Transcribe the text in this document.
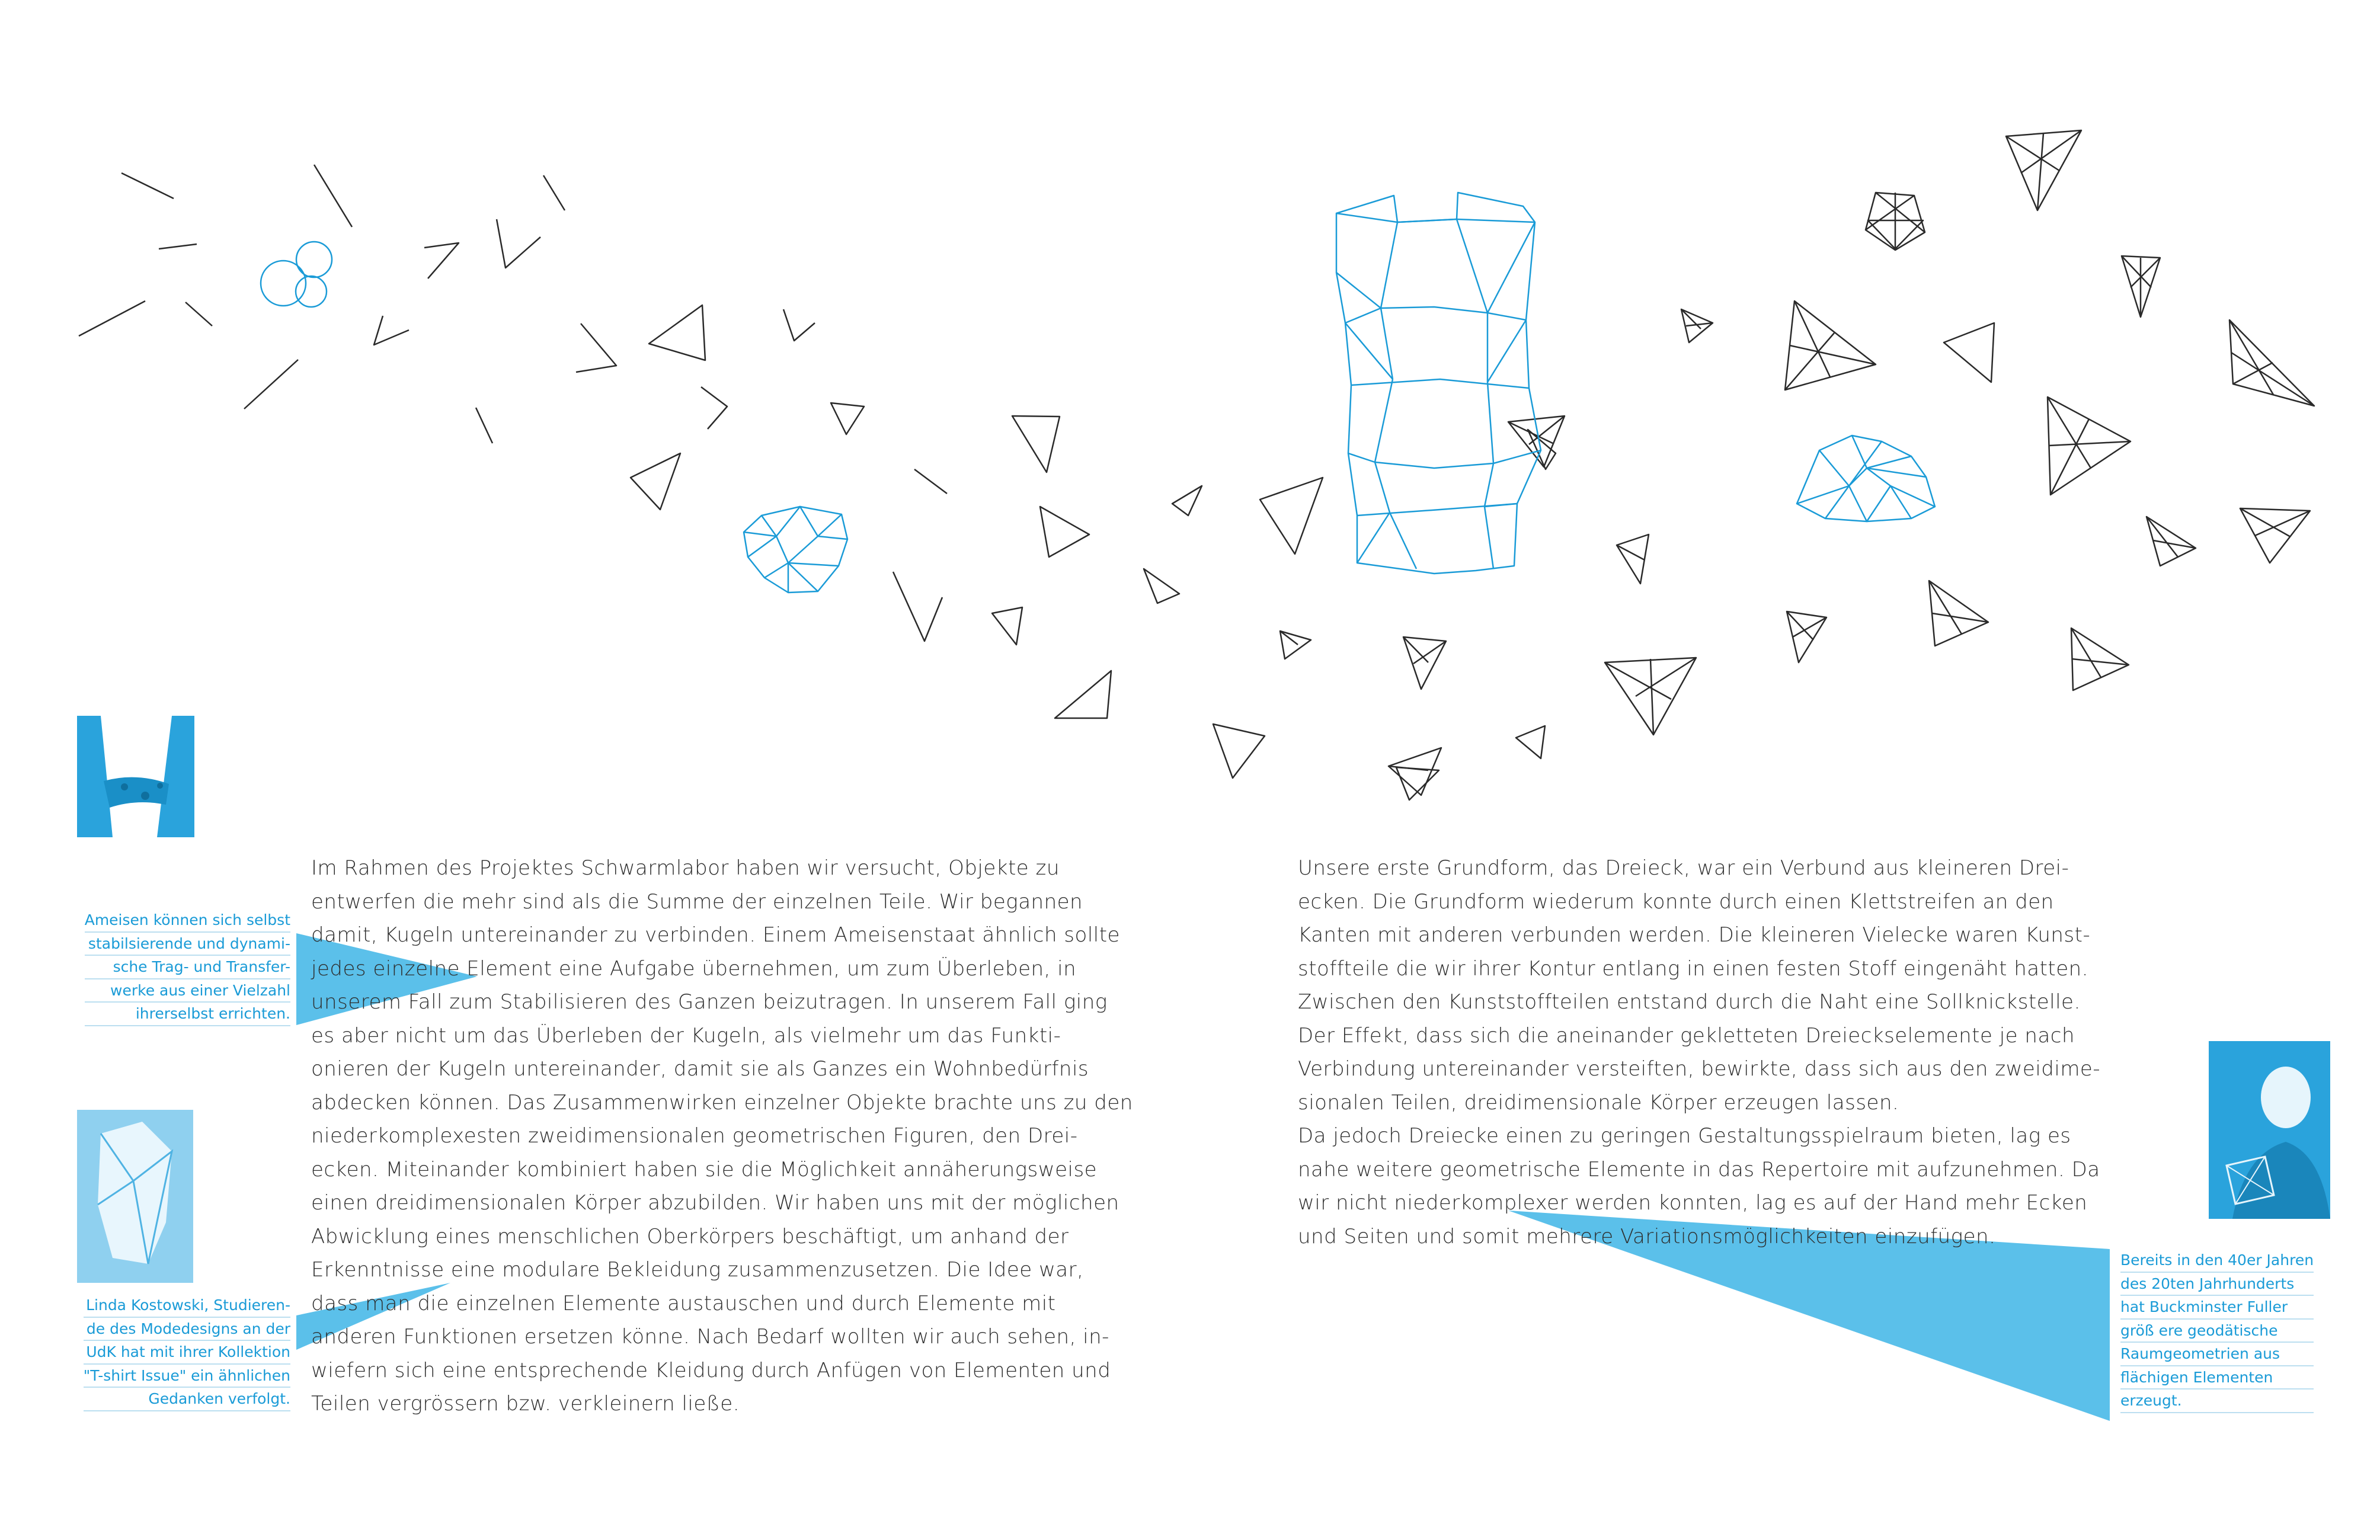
Im Rahmen des Projektes Schwarmlabor haben wir versucht, Objekte zu
entwerfen die mehr sind als die Summe der einzelnen Teile. Wir begannen
damit, Kugeln untereinander zu verbinden. Einem Ameisenstaat ähnlich sollte
jedes einzelne Element eine Aufgabe übernehmen, um zum Überleben, in
unserem Fall zum Stabilisieren des Ganzen beizutragen. In unserem Fall ging
es aber nicht um das Überleben der Kugeln, als vielmehr um das Funkti-
onieren der Kugeln untereinander, damit sie als Ganzes ein Wohnbedürfnis
abdecken können. Das Zusammenwirken einzelner Objekte brachte uns zu den
niederkomplexesten zweidimensionalen geometrischen Figuren, den Drei-
ecken. Miteinander kombiniert haben sie die Möglichkeit annäherungsweise
einen dreidimensionalen Körper abzubilden. Wir haben uns mit der möglichen
Abwicklung eines menschlichen Oberkörpers beschäftigt, um anhand der
Erkenntnisse eine modulare Bekleidung zusammenzusetzen. Die Idee war,
dass man die einzelnen Elemente austauschen und durch Elemente mit
anderen Funktionen ersetzen könne. Nach Bedarf wollten wir auch sehen, in-
wiefern sich eine entsprechende Kleidung durch Anfügen von Elementen und
Teilen vergrössern bzw. verkleinern ließe.
Unsere erste Grundform, das Dreieck, war ein Verbund aus kleineren Drei-
ecken. Die Grundform wiederum konnte durch einen Klettstreifen an den
Kanten mit anderen verbunden werden. Die kleineren Vielecke waren Kunst-
stoffteile die wir ihrer Kontur entlang in einen festen Stoff eingenäht hatten.
Zwischen den Kunststoffteilen entstand durch die Naht eine Sollknickstelle.
Der Effekt, dass sich die aneinander gekletteten Dreieckselemente je nach
Verbindung untereinander versteiften, bewirkte, dass sich aus den zweidime-
sionalen Teilen, dreidimensionale Körper erzeugen lassen.
Da jedoch Dreiecke einen zu geringen Gestaltungsspielraum bieten, lag es
nahe weitere geometrische Elemente in das Repertoire mit aufzunehmen. Da
wir nicht niederkomplexer werden konnten, lag es auf der Hand mehr Ecken
und Seiten und somit mehrere Variationsmöglichkeiten einzufügen.
Ameisen können sich selbst
stabilsierende und dynami-
sche Trag- und Transfer-
werke aus einer Vielzahl
ihrerselbst errichten.
Linda Kostowski, Studieren-
de des Modedesigns an der
UdK hat mit ihrer Kollektion
"T-shirt Issue" ein ähnlichen
Gedanken verfolgt.
Bereits in den 40er Jahren
des 20ten Jahrhunderts
hat Buckminster Fuller
größ ere geodätische
Raumgeometrien aus
flächigen Elementen
erzeugt.
